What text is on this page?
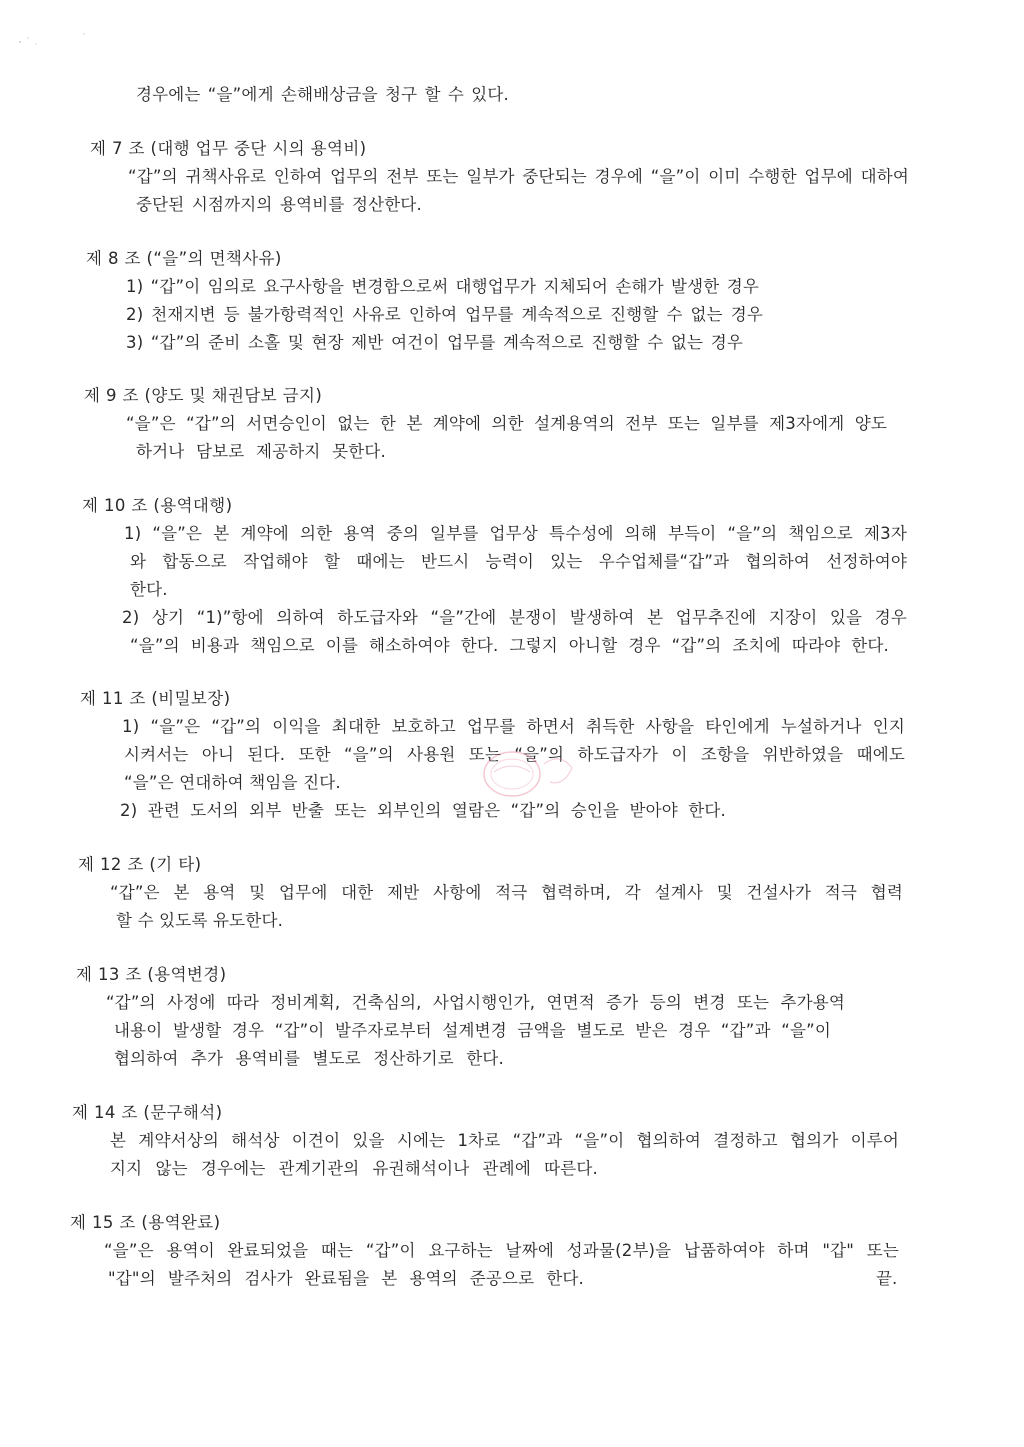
경우에는 “을”에게 손해배상금을 청구 할 수 있다.
제 7 조 (대행 업무 중단 시의 용역비)
“갑”의 귀책사유로 인하여 업무의 전부 또는 일부가 중단되는 경우에 “을”이 이미 수행한 업무에 대하여
중단된 시점까지의 용역비를 정산한다.
제 8 조 (“을”의 면책사유)
1) “갑”이 임의로 요구사항을 변경함으로써 대행업무가 지체되어 손해가 발생한 경우
2) 천재지변 등 불가항력적인 사유로 인하여 업무를 계속적으로 진행할 수 없는 경우
3) “갑”의 준비 소홀 및 현장 제반 여건이 업무를 계속적으로 진행할 수 없는 경우
제 9 조 (양도 및 채권담보 금지)
“을”은 “갑”의 서면승인이 없는 한 본 계약에 의한 설계용역의 전부 또는 일부를 제3자에게 양도
하거나 담보로 제공하지 못한다.
제 10 조 (용역대행)
1) “을”은 본 계약에 의한 용역 중의 일부를 업무상 특수성에 의해 부득이 “을”의 책임으로 제3자
와 합동으로 작업해야 할 때에는 반드시 능력이 있는 우수업체를“갑”과 협의하여 선정하여야
한다.
2) 상기 “1)”항에 의하여 하도급자와 “을”간에 분쟁이 발생하여 본 업무추진에 지장이 있을 경우
“을”의 비용과 책임으로 이를 해소하여야 한다. 그렇지 아니할 경우 “갑”의 조치에 따라야 한다.
제 11 조 (비밀보장)
1) “을”은 “갑”의 이익을 최대한 보호하고 업무를 하면서 취득한 사항을 타인에게 누설하거나 인지
시켜서는 아니 된다. 또한 “을”의 사용원 또는 “을”의 하도급자가 이 조항을 위반하였을 때에도
“을”은 연대하여 책임을 진다.
2) 관련 도서의 외부 반출 또는 외부인의 열람은 “갑”의 승인을 받아야 한다.
제 12 조 (기 타)
“갑”은 본 용역 및 업무에 대한 제반 사항에 적극 협력하며, 각 설계사 및 건설사가 적극 협력
할 수 있도록 유도한다.
제 13 조 (용역변경)
“갑”의 사정에 따라 정비계획, 건축심의, 사업시행인가, 연면적 증가 등의 변경 또는 추가용역
내용이 발생할 경우 “갑”이 발주자로부터 설계변경 금액을 별도로 받은 경우 “갑”과 “을”이
협의하여 추가 용역비를 별도로 정산하기로 한다.
제 14 조 (문구해석)
본 계약서상의 해석상 이견이 있을 시에는 1차로 “갑”과 “을”이 협의하여 결정하고 협의가 이루어
지지 않는 경우에는 관계기관의 유권해석이나 관례에 따른다.
제 15 조 (용역완료)
“을”은 용역이 완료되었을 때는 “갑”이 요구하는 날짜에 성과물(2부)을 납품하여야 하며 "갑" 또는
"갑"의 발주처의 검사가 완료됨을 본 용역의 준공으로 한다.	끝.
